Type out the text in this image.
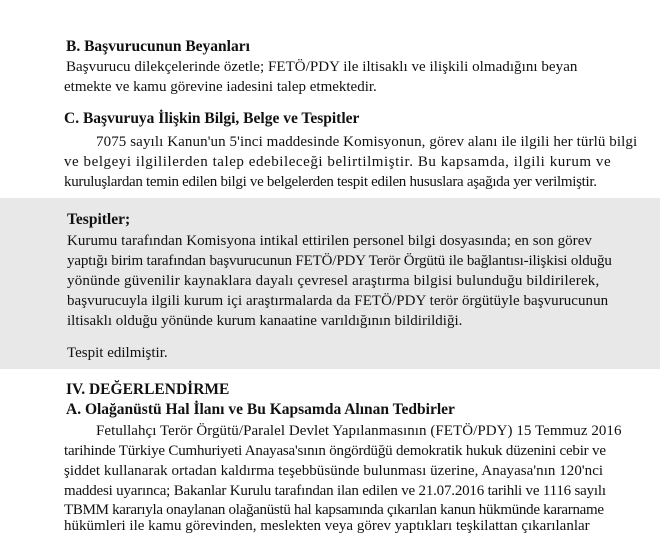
B. Başvurucunun Beyanları
Başvurucu dilekçelerinde özetle; FETÖ/PDY ile iltisaklı ve ilişkili olmadığını beyan
etmekte ve kamu görevine iadesini talep etmektedir.
C. Başvuruya İlişkin Bilgi, Belge ve Tespitler
7075 sayılı Kanun'un 5'inci maddesinde Komisyonun, görev alanı ile ilgili her türlü bilgi
ve belgeyi ilgililerden talep edebileceği belirtilmiştir. Bu kapsamda, ilgili kurum ve
kuruluşlardan temin edilen bilgi ve belgelerden tespit edilen hususlara aşağıda yer verilmiştir.
Tespitler;
Kurumu tarafından Komisyona intikal ettirilen personel bilgi dosyasında; en son görev
yaptığı birim tarafından başvurucunun FETÖ/PDY Terör Örgütü ile bağlantısı-ilişkisi olduğu
yönünde güvenilir kaynaklara dayalı çevresel araştırma bilgisi bulunduğu bildirilerek,
başvurucuyla ilgili kurum içi araştırmalarda da FETÖ/PDY terör örgütüyle başvurucunun
iltisaklı olduğu yönünde kurum kanaatine varıldığının bildirildiği.
Tespit edilmiştir.
IV. DEĞERLENDİRME
A. Olağanüstü Hal İlanı ve Bu Kapsamda Alınan Tedbirler
Fetullahçı Terör Örgütü/Paralel Devlet Yapılanmasının (FETÖ/PDY) 15 Temmuz 2016
tarihinde Türkiye Cumhuriyeti Anayasa'sının öngördüğü demokratik hukuk düzenini cebir ve
şiddet kullanarak ortadan kaldırma teşebbüsünde bulunması üzerine, Anayasa'nın 120'nci
maddesi uyarınca; Bakanlar Kurulu tarafından ilan edilen ve 21.07.2016 tarihli ve 1116 sayılı
TBMM kararıyla onaylanan olağanüstü hal kapsamında çıkarılan kanun hükmünde kararname
hükümleri ile kamu görevinden, meslekten veya görev yaptıkları teşkilattan çıkarılanlar
